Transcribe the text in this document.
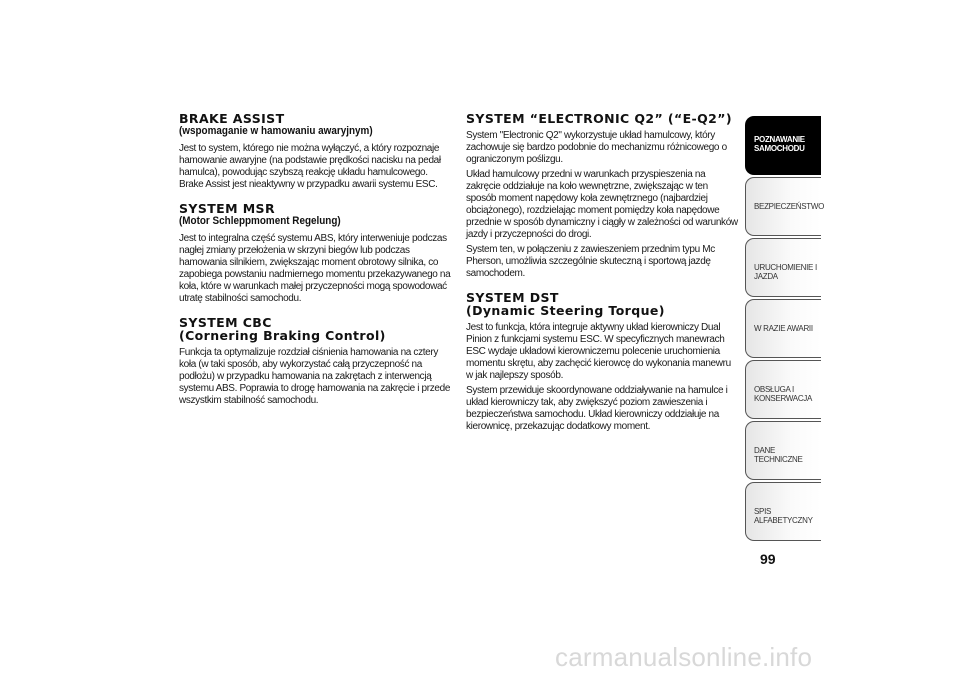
BRAKE ASSIST
(wspomaganie w hamowaniu awaryjnym)

Jest to system, którego nie można wyłączyć, a który rozpoznaje hamowanie awaryjne (na podstawie prędkości nacisku na pedał hamulca), powodując szybszą reakcję układu hamulcowego. Brake Assist jest nieaktywny w przypadku awarii systemu ESC.

SYSTEM MSR
(Motor Schleppmoment Regelung)

Jest to integralna część systemu ABS, który interweniuje podczas nagłej zmiany przełożenia w skrzyni biegów lub podczas hamowania silnikiem, zwiększając moment obrotowy silnika, co zapobiega powstaniu nadmiernego momentu przekazywanego na koła, które w warunkach małej przyczepności mogą spowodować utratę stabilności samochodu.

SYSTEM CBC
(Cornering Braking Control)

Funkcja ta optymalizuje rozdział ciśnienia hamowania na cztery koła (w taki sposób, aby wykorzystać całą przyczepność na podłożu) w przypadku hamowania na zakrętach z interwencją systemu ABS. Poprawia to drogę hamowania na zakręcie i przede wszystkim stabilność samochodu.

SYSTEM “ELECTRONIC Q2” (“E-Q2”)

System "Electronic Q2" wykorzystuje układ hamulcowy, który zachowuje się bardzo podobnie do mechanizmu różnicowego o ograniczonym poślizgu.

Układ hamulcowy przedni w warunkach przyspieszenia na zakręcie oddziałuje na koło wewnętrzne, zwiększając w ten sposób moment napędowy koła zewnętrznego (najbardziej obciążonego), rozdzielając moment pomiędzy koła napędowe przednie w sposób dynamiczny i ciągły w zależności od warunków jazdy i przyczepności do drogi.

System ten, w połączeniu z zawieszeniem przednim typu Mc Pherson, umożliwia szczególnie skuteczną i sportową jazdę samochodem.

SYSTEM DST
(Dynamic Steering Torque)

Jest to funkcja, która integruje aktywny układ kierowniczy Dual Pinion z funkcjami systemu ESC. W specyficznych manewrach ESC wydaje układowi kierowniczemu polecenie uruchomienia momentu skrętu, aby zachęcić kierowcę do wykonania manewru w jak najlepszy sposób.

System przewiduje skoordynowane oddziaływanie na hamulce i układ kierowniczy tak, aby zwiększyć poziom zawieszenia i bezpieczeństwa samochodu. Układ kierowniczy oddziałuje na kierownicę, przekazując dodatkowy moment.

POZNAWANIE SAMOCHODU
BEZPIECZEŃSTWO
URUCHOMIENIE I JAZDA
W RAZIE AWARII
OBSŁUGA I KONSERWACJA
DANE TECHNICZNE
SPIS ALFABETYCZNY
99
carmanualsonline.info
